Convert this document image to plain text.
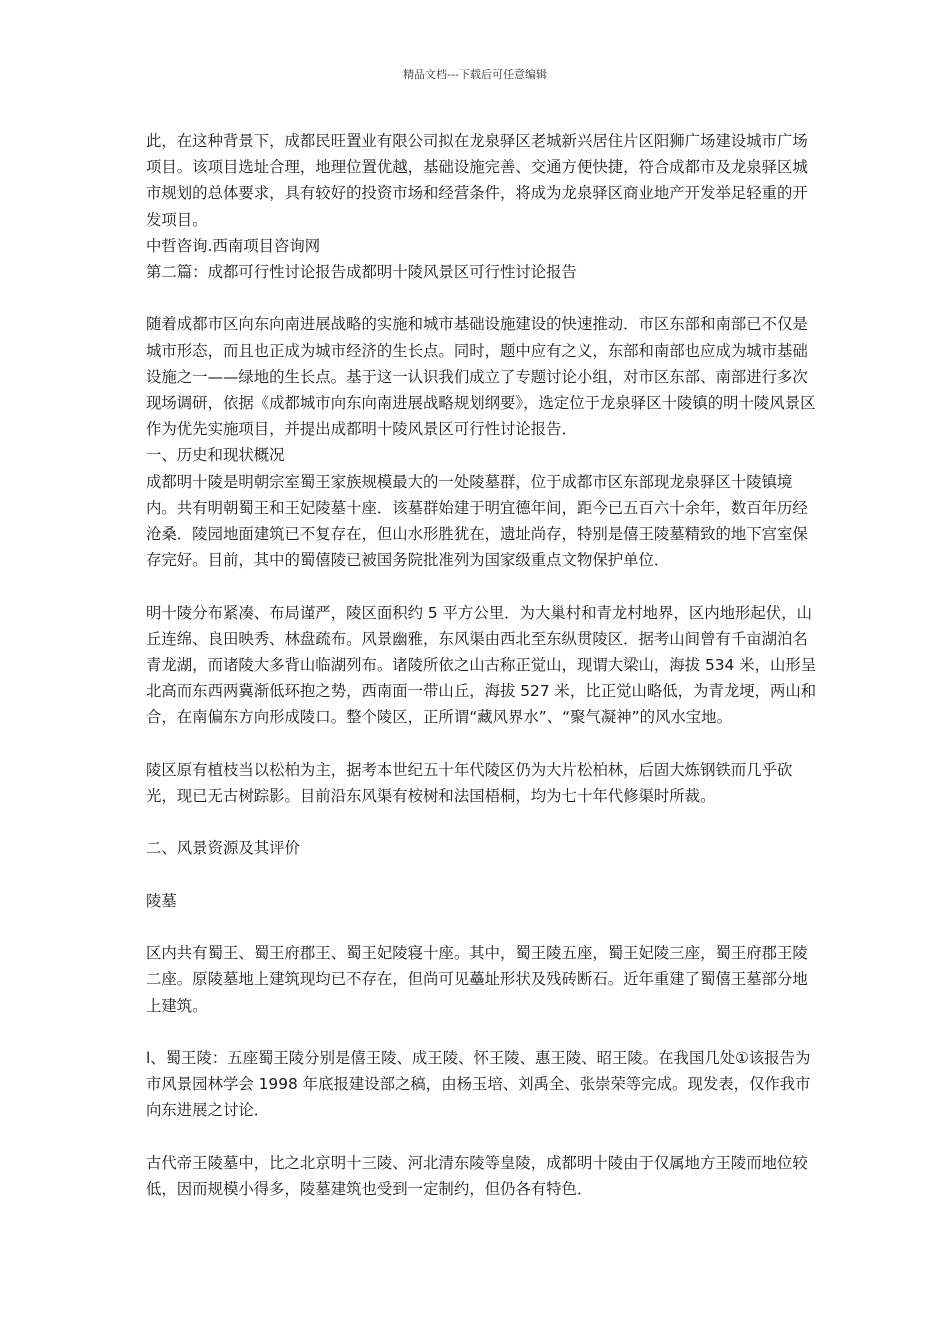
精品文档---下载后可任意编辑

此，在这种背景下，成都民旺置业有限公司拟在龙泉驿区老城新兴居住片区阳狮广场建设城市广场项目。该项目选址合理，地理位置优越，基础设施完善、交通方便快捷，符合成都市及龙泉驿区城市规划的总体要求，具有较好的投资市场和经营条件，将成为龙泉驿区商业地产开发举足轻重的开发项目。

中哲咨询.西南项目咨询网

第二篇：成都可行性讨论报告成都明十陵风景区可行性讨论报告

随着成都市区向东向南进展战略的实施和城市基础设施建设的快速推动．市区东部和南部已不仅是城市形态，而且也正成为城市经济的生长点。同时，题中应有之义，东部和南部也应成为城市基础设施之一——绿地的生长点。基于这一认识我们成立了专题讨论小组，对市区东部、南部进行多次现场调研，依据《成都城市向东向南进展战略规划纲要》，选定位于龙泉驿区十陵镇的明十陵风景区作为优先实施项目，并提出成都明十陵风景区可行性讨论报告．

一、历史和现状概况

成都明十陵是明朝宗室蜀王家族规模最大的一处陵墓群，位于成都市区东部现龙泉驿区十陵镇境内。共有明朝蜀王和王妃陵墓十座．该墓群始建于明宜德年间，距今已五百六十余年，数百年历经沧桑．陵园地面建筑已不复存在，但山水形胜犹在，遗址尚存，特别是僖王陵墓精致的地下宫室保存完好。目前，其中的蜀僖陵已被国务院批准列为国家级重点文物保护单位．

明十陵分布紧凑、布局谨严，陵区面积约 5 平方公里．为大巢村和青龙村地界，区内地形起伏，山丘连绵、良田映秀、林盘疏布。风景幽雅，东风渠由西北至东纵贯陵区．据考山间曾有千亩湖泊名青龙湖，而诸陵大多背山临湖列布。诸陵所依之山古称正觉山，现谓大梁山，海拔 534 米，山形呈北高而东西两冀渐低环抱之势，西南面一带山丘，海拔 527 米，比正觉山略低，为青龙埂，两山和合，在南偏东方向形成陵口。整个陵区，正所谓“藏风界水”、“聚气凝神”的风水宝地。

陵区原有植枝当以松柏为主，据考本世纪五十年代陵区仍为大片松柏林，后固大炼钢铁而几乎砍光，现已无古树踪影。目前沿东风渠有桉树和法国梧桐，均为七十年代修渠时所裁。

二、风景资源及其评价

陵墓

区内共有蜀王、蜀王府郡王、蜀王妃陵寝十座。其中，蜀王陵五座，蜀王妃陵三座，蜀王府郡王陵二座。原陵墓地上建筑现均已不存在，但尚可见蘲址形状及残砖断石。近年重建了蜀僖王墓部分地上建筑。

l、蜀王陵：五座蜀王陵分别是僖王陵、成王陵、怀王陵、惠王陵、昭王陵。在我国几处①该报告为市风景园林学会 1998 年底报建设部之稿，由杨玉培、刘禹全、张崇荣等完成。现发表，仅作我市向东进展之讨论．

古代帝王陵墓中，比之北京明十三陵、河北清东陵等皇陵，成都明十陵由于仅属地方王陵而地位较低，因而规模小得多，陵墓建筑也受到一定制约，但仍各有特色．
